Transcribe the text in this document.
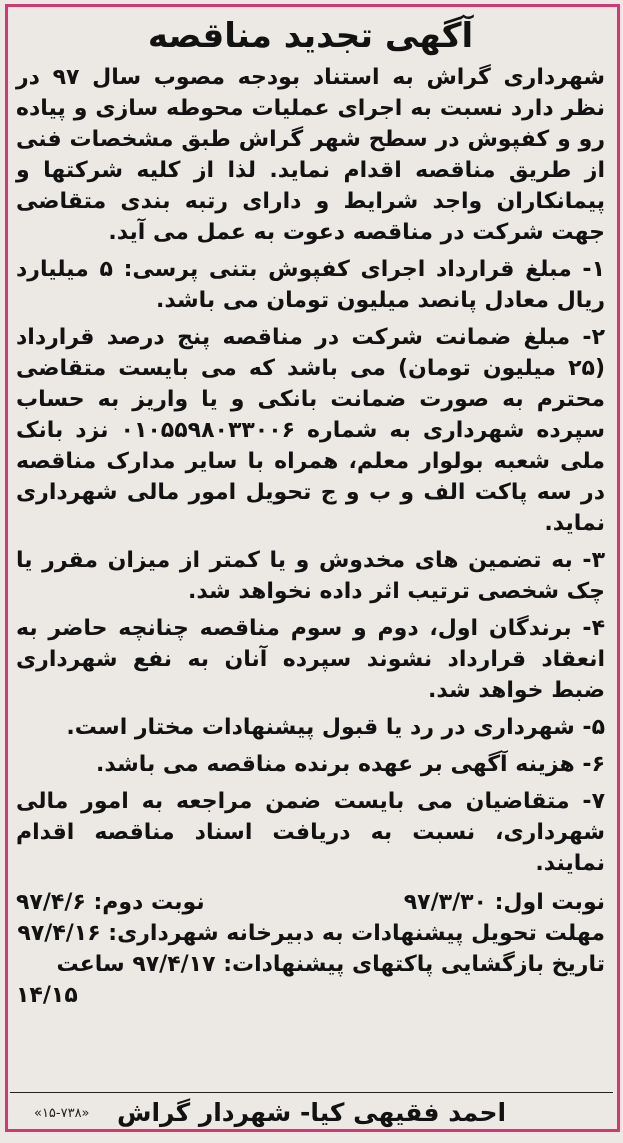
آگهی تجدید مناقصه

شهرداری گراش به استناد بودجه مصوب سال ۹۷ در نظر دارد نسبت به اجرای عملیات محوطه سازی و پیاده رو و کفپوش در سطح شهر گراش طبق مشخصات فنی از طریق مناقصه اقدام نماید. لذا از کلیه شرکتها و پیمانکاران واجد شرایط و دارای رتبه بندی متقاضی جهت شرکت در مناقصه دعوت به عمل می آید.

۱- مبلغ قرارداد اجرای کفپوش بتنی پرسی: ۵ میلیارد ریال معادل پانصد میلیون تومان می باشد.

۲- مبلغ ضمانت شرکت در مناقصه پنج درصد قرارداد (۲۵ میلیون تومان) می باشد که می بایست متقاضی محترم به صورت ضمانت بانکی و یا واریز به حساب سپرده شهرداری به شماره ۰۱۰۵۵۹۸۰۳۳۰۰۶ نزد بانک ملی شعبه بولوار معلم، همراه با سایر مدارک مناقصه در سه پاکت الف و ب و ج تحویل امور مالی شهرداری نماید.

۳- به تضمین های مخدوش و یا کمتر از میزان مقرر یا چک شخصی ترتیب اثر داده نخواهد شد.

۴- برندگان اول، دوم و سوم مناقصه چنانچه حاضر به انعقاد قرارداد نشوند سپرده آنان به نفع شهرداری ضبط خواهد شد.

۵- شهرداری در رد یا قبول پیشنهادات مختار است.

۶- هزینه آگهی بر عهده برنده مناقصه می باشد.

۷- متقاضیان می بایست ضمن مراجعه به امور مالی شهرداری، نسبت به دریافت اسناد مناقصه اقدام نمایند.

نوبت اول: ۹۷/۳/۳۰
نوبت دوم: ۹۷/۴/۶

مهلت تحویل پیشنهادات به دبیرخانه شهرداری: ۹۷/۴/۱۶

تاریخ بازگشایی پاکتهای پیشنهادات: ۹۷/۴/۱۷ ساعت

۱۴/۱۵

احمد فقیهی کیا- شهردار گراش
«۱۵-۷۳۸»
